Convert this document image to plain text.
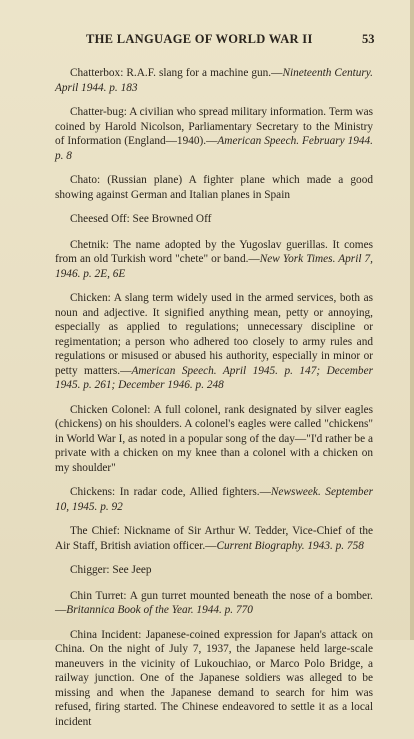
THE LANGUAGE OF WORLD WAR II	53

Chatterbox: R.A.F. slang for a machine gun.—Nineteenth Century. April 1944. p. 183

Chatter-bug: A civilian who spread military information. Term was coined by Harold Nicolson, Parliamentary Secretary to the Ministry of Information (England—1940).—American Speech. February 1944. p. 8

Chato: (Russian plane) A fighter plane which made a good showing against German and Italian planes in Spain

Cheesed Off: See Browned Off

Chetnik: The name adopted by the Yugoslav guerillas. It comes from an old Turkish word "chete" or band.—New York Times. April 7, 1946. p. 2E, 6E

Chicken: A slang term widely used in the armed services, both as noun and adjective. It signified anything mean, petty or annoying, especially as applied to regulations; unnecessary discipline or regimentation; a person who adhered too closely to army rules and regulations or misused or abused his authority, especially in minor or petty matters.—American Speech. April 1945. p. 147; December 1945. p. 261; December 1946. p. 248

Chicken Colonel: A full colonel, rank designated by silver eagles (chickens) on his shoulders. A colonel's eagles were called "chickens" in World War I, as noted in a popular song of the day—"I'd rather be a private with a chicken on my knee than a colonel with a chicken on my shoulder"

Chickens: In radar code, Allied fighters.—Newsweek. September 10, 1945. p. 92

The Chief: Nickname of Sir Arthur W. Tedder, Vice-Chief of the Air Staff, British aviation officer.—Current Biography. 1943. p. 758

Chigger: See Jeep

Chin Turret: A gun turret mounted beneath the nose of a bomber.—Britannica Book of the Year. 1944. p. 770

China Incident: Japanese-coined expression for Japan's attack on China. On the night of July 7, 1937, the Japanese held large-scale maneuvers in the vicinity of Lukouchiao, or Marco Polo Bridge, a railway junction. One of the Japanese soldiers was alleged to be missing and when the Japanese demand to search for him was refused, firing started. The Chinese endeavored to settle it as a local incident
